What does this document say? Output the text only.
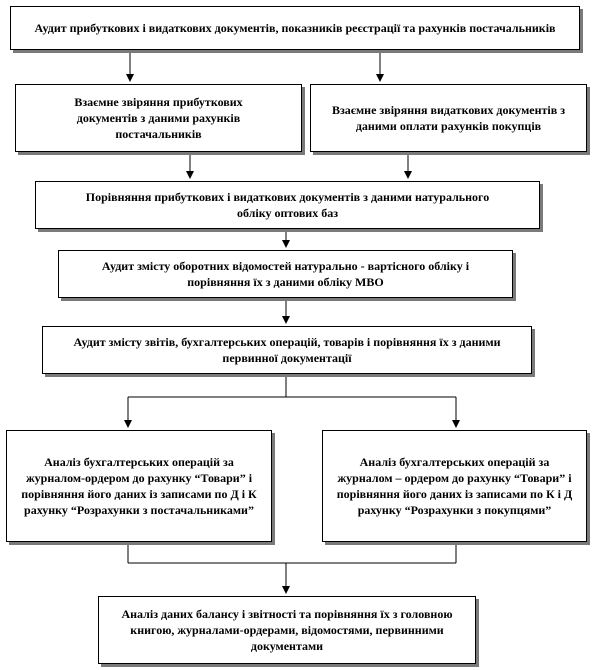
Аудит прибуткових і видаткових документів, показників реєстрації та рахунків постачальників
Взаємне звіряння прибуткових документів з даними рахунків постачальників
Взаємне звіряння видаткових документів з даними оплати рахунків покупців
Порівняння прибуткових і видаткових документів з даними натурального обліку оптових баз
Аудит змісту оборотних відомостей натурально - вартісного обліку і порівняння їх з даними обліку МВО
Аудит змісту звітів, бухгалтерських операцій, товарів і порівняння їх з даними первинної документації
Аналіз бухгалтерських операцій за журналом-ордером до рахунку “Товари” і порівняння його даних із записами по Д і К рахунку “Розрахунки з постачальниками”
Аналіз бухгалтерських операцій за журналом – ордером до рахунку “Товари” і порівняння його даних із записами по К і Д рахунку “Розрахунки з покупцями”
Аналіз даних балансу і звітності та порівняння їх з головною книгою, журналами-ордерами, відомостями, первинними документами
